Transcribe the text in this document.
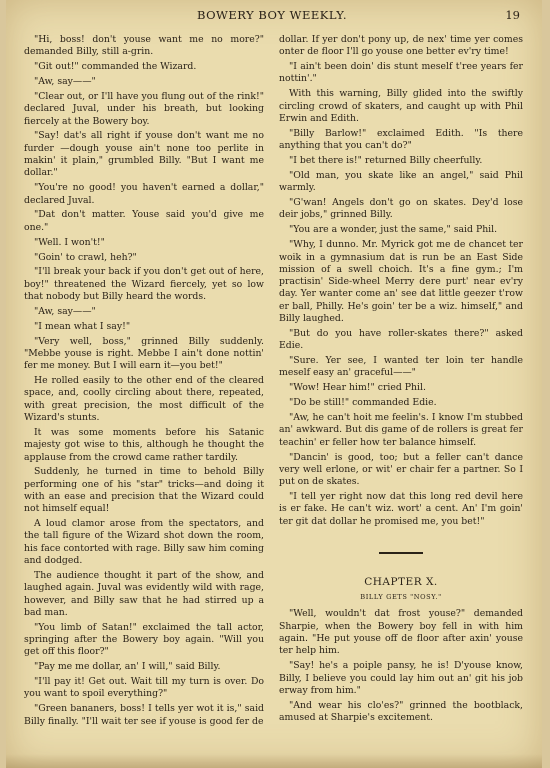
BOWERY BOY WEEKLY.	19

"Hi, boss! don't youse want me no more?" demanded Billy, still a-grin.

"Git out!" commanded the Wizard.

"Aw, say——"

"Clear out, or I'll have you flung out of the rink!" declared Juval, under his breath, but looking fiercely at the Bowery boy.

"Say! dat's all right if youse don't want me no furder —dough youse ain't none too perlite in makin' it plain," grumbled Billy. "But I want me dollar."

"You're no good! you haven't earned a dollar," declared Juval.

"Dat don't matter. Youse said you'd give me one."

"Well. I won't!"

"Goin' to crawl, heh?"

"I'll break your back if you don't get out of here, boy!" threatened the Wizard fiercely, yet so low that nobody but Billy heard the words.

"Aw, say——"

"I mean what I say!"

"Very well, boss," grinned Billy suddenly. "Mebbe youse is right. Mebbe I ain't done nottin' fer me money. But I will earn it—you bet!"

He rolled easily to the other end of the cleared space, and, coolly circling about there, repeated, with great precision, the most difficult of the Wizard's stunts.

It was some moments before his Satanic majesty got wise to this, although he thought the applause from the crowd came rather tardily.

Suddenly, he turned in time to behold Billy performing one of his "star" tricks—and doing it with an ease and precision that the Wizard could not himself equal!

A loud clamor arose from the spectators, and the tall figure of the Wizard shot down the room, his face contorted with rage. Billy saw him coming and dodged.

The audience thought it part of the show, and laughed again. Juval was evidently wild with rage, however, and Billy saw that he had stirred up a bad man.

"You limb of Satan!" exclaimed the tall actor, springing after the Bowery boy again. "Will you get off this floor?"

"Pay me me dollar, an' I will," said Billy.

"I'll pay it! Get out. Wait till my turn is over. Do you want to spoil everything?"

"Green bananers, boss! I tells yer wot it is," said Billy finally. "I'll wait ter see if youse is good fer de

dollar. If yer don't pony up, de nex' time yer comes onter de floor I'll go youse one better ev'ry time!

"I ain't been doin' dis stunt meself t'ree years fer nottin'."

With this warning, Billy glided into the swiftly circling crowd of skaters, and caught up with Phil Erwin and Edith.

"Billy Barlow!" exclaimed Edith. "Is there anything that you can't do?"

"I bet there is!" returned Billy cheerfully.

"Old man, you skate like an angel," said Phil warmly.

"G'wan! Angels don't go on skates. Dey'd lose deir jobs," grinned Billy.

"You are a wonder, just the same," said Phil.

"Why, I dunno. Mr. Myrick got me de chancet ter woik in a gymnasium dat is run be an East Side mission of a swell choich. It's a fine gym.; I'm practisin' Side-wheel Merry dere purt' near ev'ry day. Yer wanter come an' see dat little geezer t'row er ball, Philly. He's goin' ter be a wiz. himself," and Billy laughed.

"But do you have roller-skates there?" asked Edie.

"Sure. Yer see, I wanted ter loin ter handle meself easy an' graceful——"

"Wow! Hear him!" cried Phil.

"Do be still!" commanded Edie.

"Aw, he can't hoit me feelin's. I know I'm stubbed an' awkward. But dis game of de rollers is great fer teachin' er feller how ter balance himself.

"Dancin' is good, too; but a feller can't dance very well erlone, or wit' er chair fer a partner. So I put on de skates.

"I tell yer right now dat this long red devil here is er fake. He can't wiz. wort' a cent. An' I'm goin' ter git dat dollar he promised me, you bet!"

CHAPTER X.
BILLY GETS "NOSY."

"Well, wouldn't dat frost youse?" demanded Sharpie, when the Bowery boy fell in with him again. "He put youse off de floor after axin' youse ter help him.

"Say! he's a poiple pansy, he is! D'youse know, Billy, I believe you could lay him out an' git his job erway from him."

"And wear his clo'es?" grinned the bootblack, amused at Sharpie's excitement.
